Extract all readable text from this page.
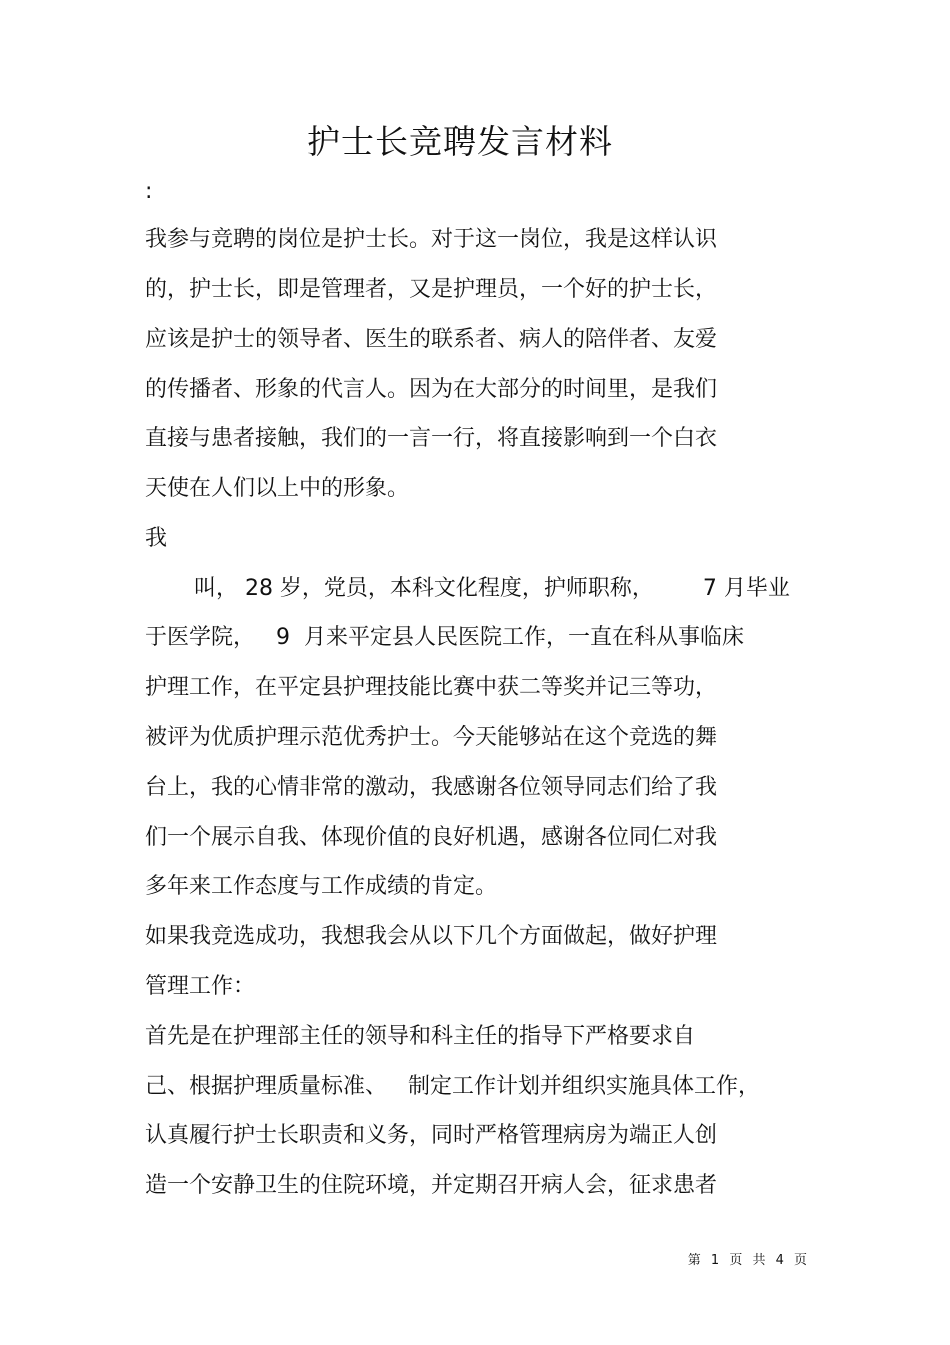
护士长竞聘发言材料
:
我参与竞聘的岗位是护士长。对于这一岗位，我是这样认识
的，护士长，即是管理者，又是护理员，一个好的护士长，
应该是护士的领导者、医生的联系者、病人的陪伴者、友爱
的传播者、形象的代言人。因为在大部分的时间里，是我们
直接与患者接触，我们的一言一行，将直接影响到一个白衣
天使在人们以上中的形象。
我
叫， 28 岁，党员，本科文化程度，护师职称，       7 月毕业
于医学院，   9  月来平定县人民医院工作，一直在科从事临床
护理工作，在平定县护理技能比赛中获二等奖并记三等功，
被评为优质护理示范优秀护士。今天能够站在这个竞选的舞
台上，我的心情非常的激动，我感谢各位领导同志们给了我
们一个展示自我、体现价值的良好机遇，感谢各位同仁对我
多年来工作态度与工作成绩的肯定。
如果我竞选成功，我想我会从以下几个方面做起，做好护理
管理工作：
首先是在护理部主任的领导和科主任的指导下严格要求自
己、根据护理质量标准、   制定工作计划并组织实施具体工作，
认真履行护士长职责和义务，同时严格管理病房为端正人创
造一个安静卫生的住院环境，并定期召开病人会，征求患者
第 1 页 共 4 页
